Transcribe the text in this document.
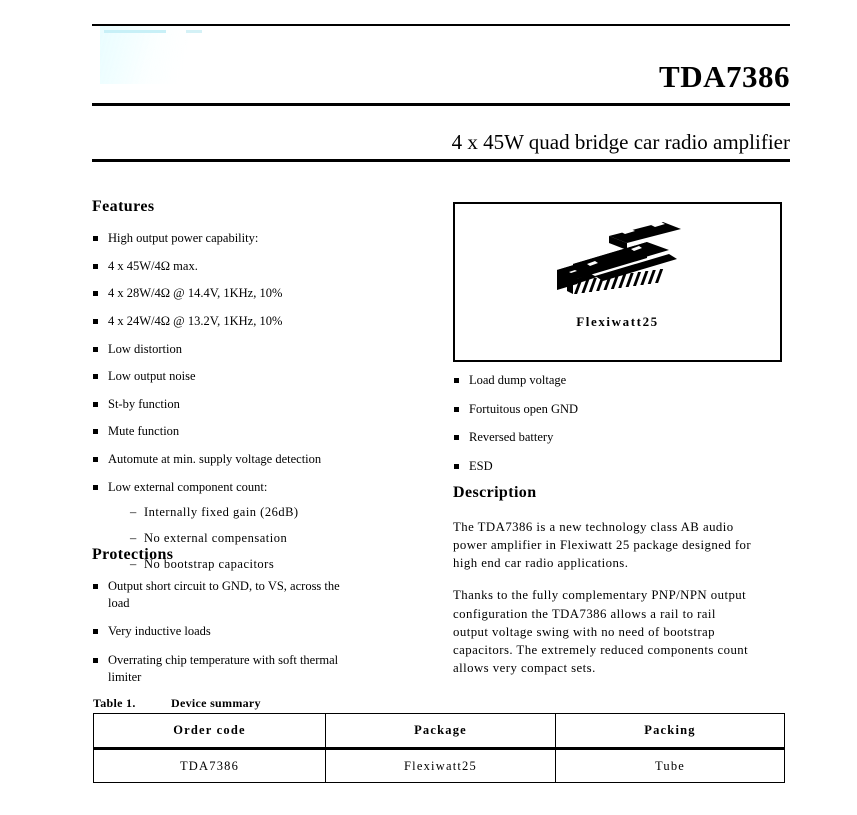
TDA7386
4 x 45W quad bridge car radio amplifier
Features
High output power capability:
4 x 45W/4Ω max.
4 x 28W/4Ω @ 14.4V, 1KHz, 10%
4 x 24W/4Ω @ 13.2V, 1KHz, 10%
Low distortion
Low output noise
St-by function
Mute function
Automute at min. supply voltage detection
Low external component count:
– Internally fixed gain (26dB)
– No external compensation
– No bootstrap capacitors
Protections
Output short circuit to GND, to VS, across the load
Very inductive loads
Overrating chip temperature with soft thermal limiter
Flexiwatt25
Load dump voltage
Fortuitous open GND
Reversed battery
ESD
Description

The TDA7386 is a new technology class AB audio power amplifier in Flexiwatt 25 package designed for high end car radio applications.

Thanks to the fully complementary PNP/NPN output configuration the TDA7386 allows a rail to rail output voltage swing with no need of bootstrap capacitors. The extremely reduced components count allows very compact sets.

Table 1.	Device summary
Order code	Package	Packing
TDA7386	Flexiwatt25	Tube
